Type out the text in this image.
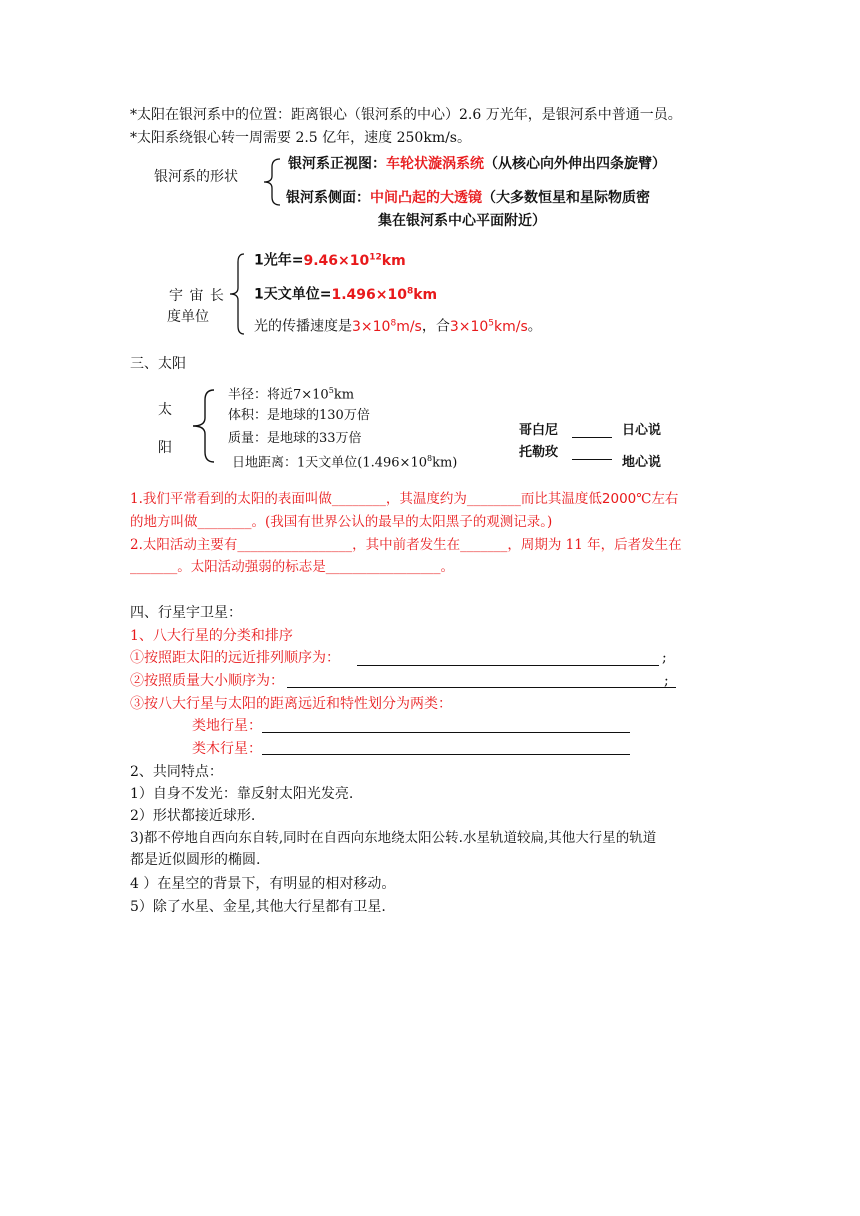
*太阳在银河系中的位置：距离银心（银河系的中心）2.6 万光年，是银河系中普通一员。
*太阳系绕银心转一周需要 2.5 亿年，速度 250km/s。
银河系的形状
银河系正视图：车轮状漩涡系统（从核心向外伸出四条旋臂）
银河系侧面：中间凸起的大透镜（大多数恒星和星际物质密
集在银河系中心平面附近）
宇 宙 长
度单位
1光年$=9.46\times 10^{12}km$
1天文单位$=1.496\times 10^8km$
光的传播速度是$3\times 10^8m/s$，合$3\times 10^5km/s$。
三、太阳
太
阳
半径：将近$7\times 10^5km$
体积：是地球的130万倍
质量：是地球的33万倍
日地距离：1天文单位$(1.496\times 10^8km)$
哥白尼	日心说
托勒玫
地心说
1.我们平常看到的太阳的表面叫做________，其温度约为________而比其温度低2000℃左右
的地方叫做________。(我国有世界公认的最早的太阳黑子的观测记录。)
2.太阳活动主要有_________________，其中前者发生在_______，周期为 11 年，后者发生在
_______。太阳活动强弱的标志是_________________。
四、行星宇卫星：
1、八大行星的分类和排序
①按照距太阳的远近排列顺序为：	;
②按照质量大小顺序为：	;
③按八大行星与太阳的距离远近和特性划分为两类：
类地行星：
类木行星：
2、共同特点：
1）自身不发光：靠反射太阳光发亮.
2）形状都接近球形.
3)都不停地自西向东自转,同时在自西向东地绕太阳公转.水星轨道较扁,其他大行星的轨道
都是近似圆形的椭圆.
4 ）在星空的背景下，有明显的相对移动。
5）除了水星、金星,其他大行星都有卫星.
